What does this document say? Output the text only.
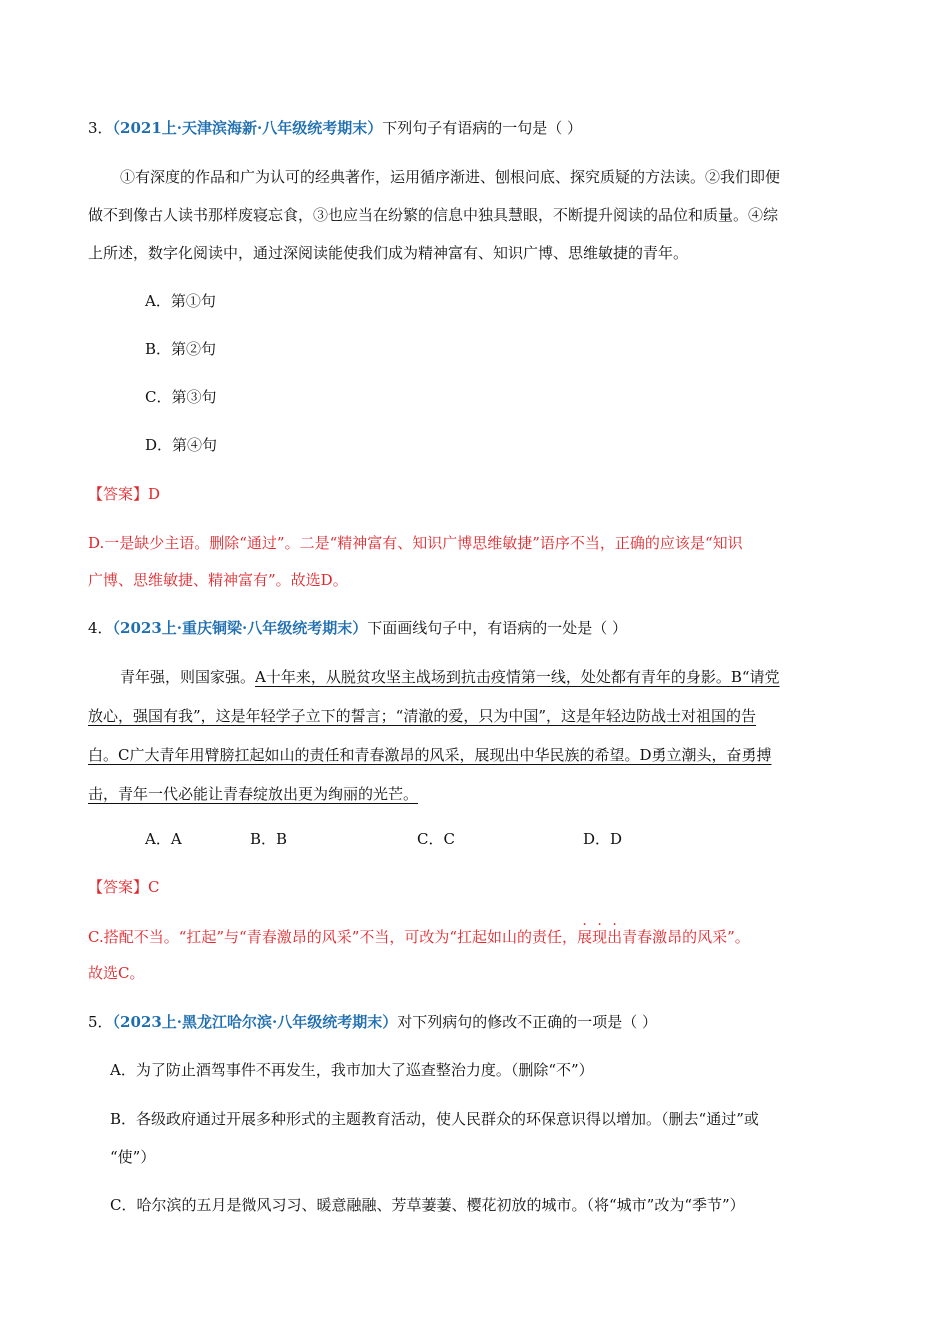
3．（2021上·天津滨海新·八年级统考期末）下列句子有语病的一句是（ ）
①有深度的作品和广为认可的经典著作，运用循序渐进、刨根问底、探究质疑的方法读。②我们即便
做不到像古人读书那样废寝忘食，③也应当在纷繁的信息中独具慧眼，不断提升阅读的品位和质量。④综
上所述，数字化阅读中，通过深阅读能使我们成为精神富有、知识广博、思维敏捷的青年。
A．第①句
B．第②句
C．第③句
D．第④句
【答案】D
D.一是缺少主语。删除“通过”。二是“精神富有、知识广博思维敏捷”语序不当，正确的应该是“知识
广博、思维敏捷、精神富有”。故选D。
4．（2023上·重庆铜梁·八年级统考期末）下面画线句子中，有语病的一处是（ ）
青年强，则国家强。A十年来，从脱贫攻坚主战场到抗击疫情第一线，处处都有青年的身影。B“请党
放心，强国有我”，这是年轻学子立下的誓言；“清澈的爱，只为中国”，这是年轻边防战士对祖国的告
白。C广大青年用臂膀扛起如山的责任和青春激昂的风采，展现出中华民族的希望。D勇立潮头，奋勇搏
击，青年一代必能让青春绽放出更为绚丽的光芒。
A．A	B．B	C．C	D．D
【答案】C
C.搭配不当。“扛起”与“青春激昂的风采”不当，可改为“扛起如山的责任，展现出青春激昂的风采”。
故选C。
5．（2023上·黑龙江哈尔滨·八年级统考期末）对下列病句的修改不正确的一项是（ ）
A．为了防止酒驾事件不再发生，我市加大了巡查整治力度。（删除“不”）
B．各级政府通过开展多种形式的主题教育活动，使人民群众的环保意识得以增加。（删去“通过”或
“使”）
C．哈尔滨的五月是微风习习、暖意融融、芳草萋萋、樱花初放的城市。（将“城市”改为“季节”）
